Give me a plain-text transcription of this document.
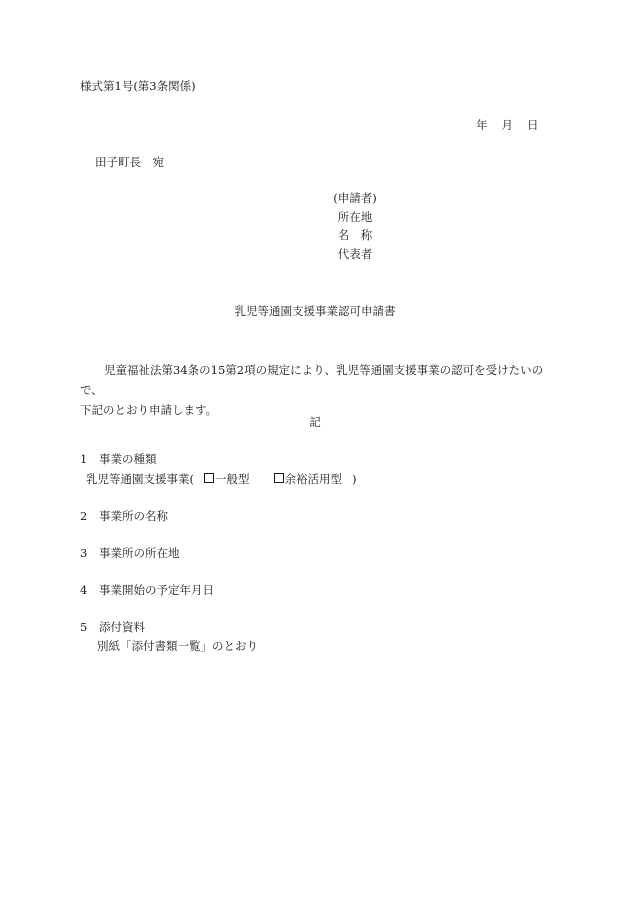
様式第1号(第3条関係)
年 月 日
田子町長　宛
(申請者)
所在地
名　称
代表者
乳児等通園支援事業認可申請書
児童福祉法第34条の15第2項の規定により、乳児等通園支援事業の認可を受けたいので、
下記のとおり申請します。
記
1 事業の種類
乳児等通園支援事業( 一般型	余裕活用型 )
2 事業所の名称
3 事業所の所在地
4 事業開始の予定年月日
5 添付資料
別紙「添付書類一覧」のとおり
